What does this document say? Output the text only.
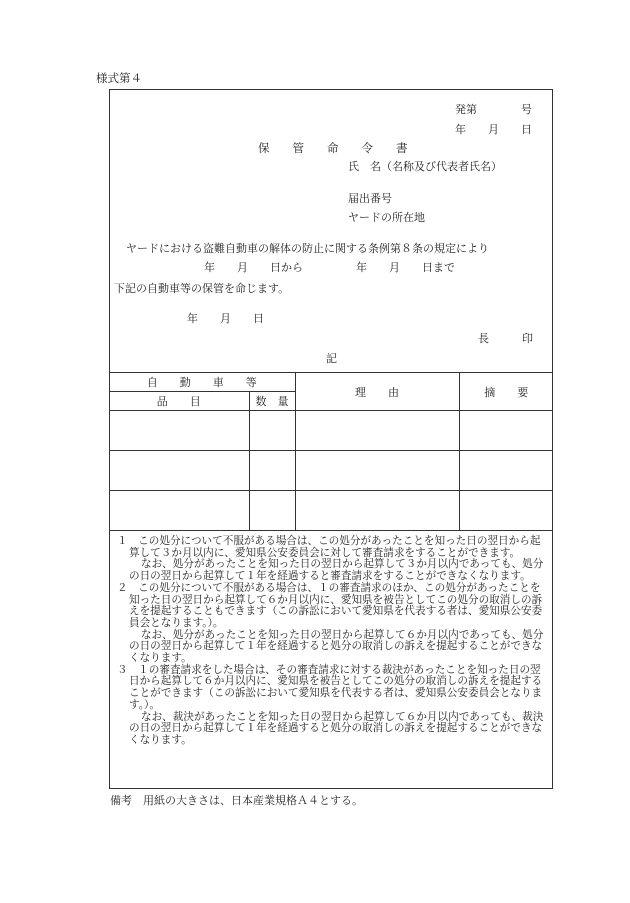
様式第４
発第　　　　号
年　　月　　日
保　　管　　命　　令　　書
氏　名（名称及び代表者氏名）
届出番号
ヤードの所在地
ヤードにおける盗難自動車の解体の防止に関する条例第８条の規定により
年　　月　　日から	年　　月　　日まで
下記の自動車等の保管を命じます。
年　　月　　日
長　　　印
記
自　　動　　車　　等		理　　由	摘　　要
品　　目	数　量		

１　この処分について不服がある場合は、この処分があったことを知った日の翌日から起算して３か月以内に、愛知県公安委員会に対して審査請求をすることができます。

なお、処分があったことを知った日の翌日から起算して３か月以内であっても、処分の日の翌日から起算して１年を経過すると審査請求をすることができなくなります。

２　この処分について不服がある場合は、１の審査請求のほか、この処分があったことを知った日の翌日から起算して６か月以内に、愛知県を被告としてこの処分の取消しの訴えを提起することもできます（この訴訟において愛知県を代表する者は、愛知県公安委員会となります。）。

なお、処分があったことを知った日の翌日から起算して６か月以内であっても、処分の日の翌日から起算して１年を経過すると処分の取消しの訴えを提起することができなくなります。

３　１の審査請求をした場合は、その審査請求に対する裁決があったことを知った日の翌日から起算して６か月以内に、愛知県を被告としてこの処分の取消しの訴えを提起することができます（この訴訟において愛知県を代表する者は、愛知県公安委員会となります。）。

なお、裁決があったことを知った日の翌日から起算して６か月以内であっても、裁決の日の翌日から起算して１年を経過すると処分の取消しの訴えを提起することができなくなります。

備考　用紙の大きさは、日本産業規格Ａ４とする。
